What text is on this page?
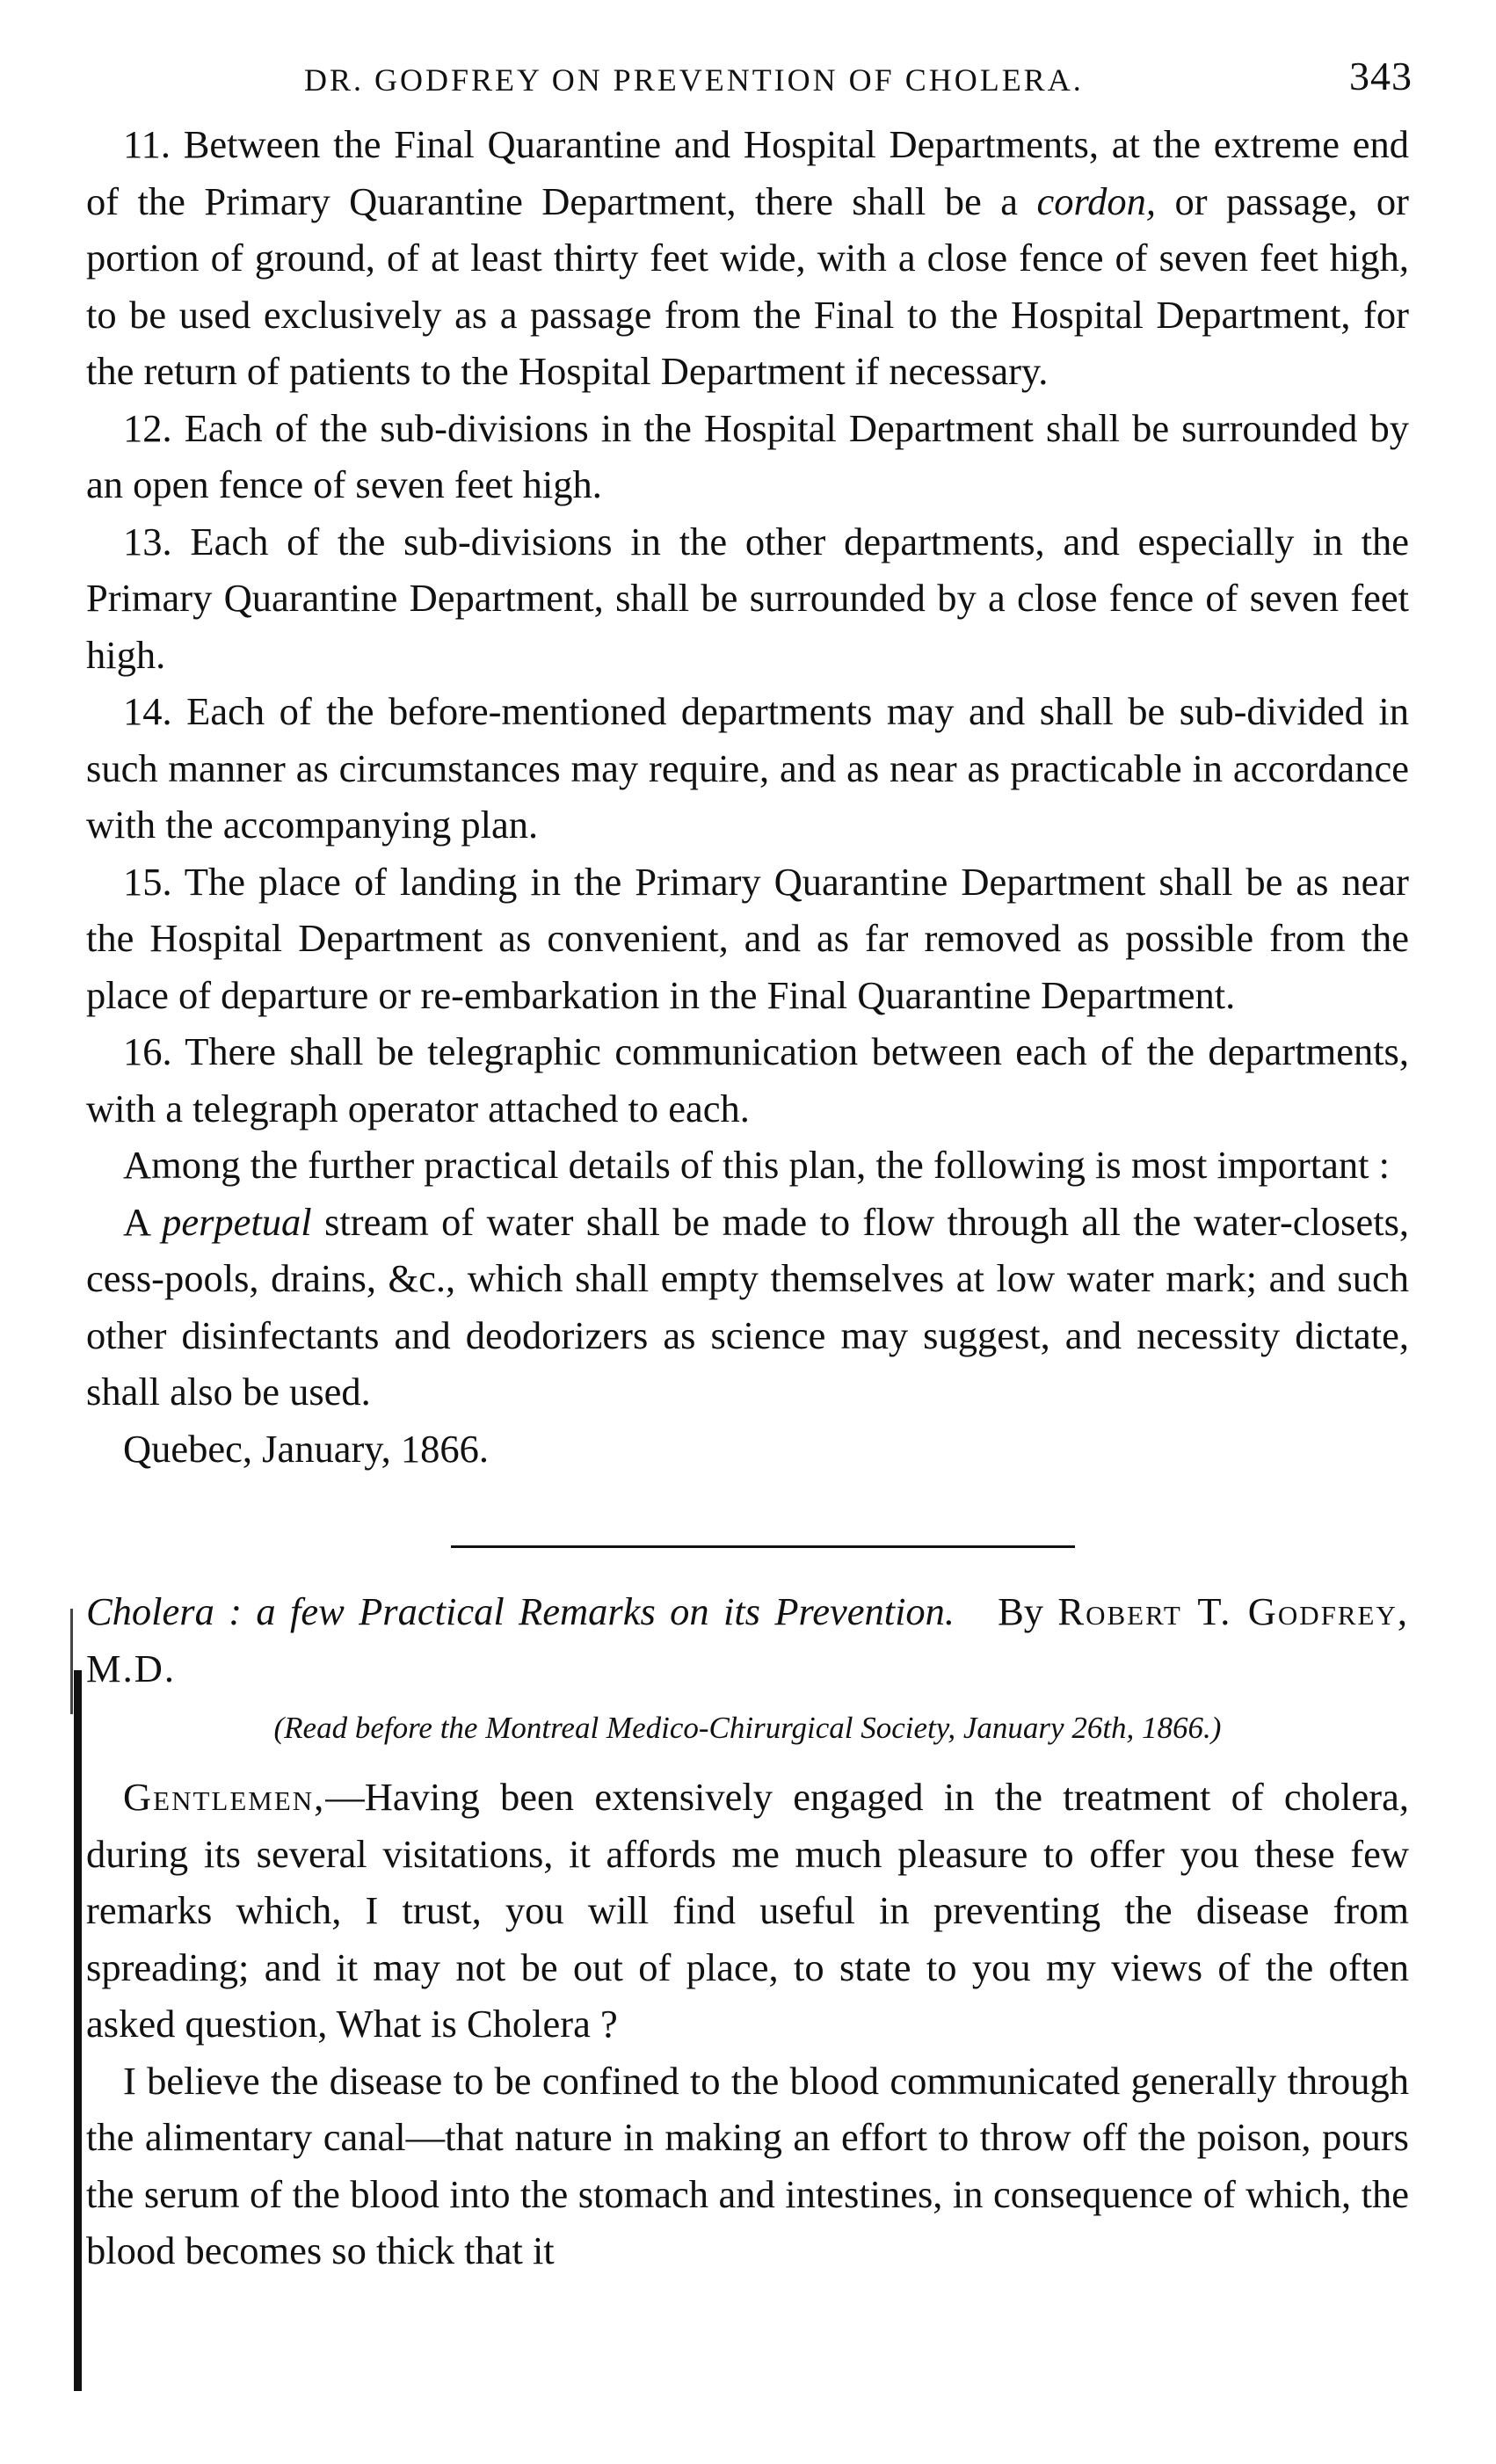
DR. GODFREY ON PREVENTION OF CHOLERA.	343

11. Between the Final Quarantine and Hospital Departments, at the extreme end of the Primary Quarantine Department, there shall be a cordon, or passage, or portion of ground, of at least thirty feet wide, with a close fence of seven feet high, to be used exclusively as a passage from the Final to the Hospital Department, for the return of patients to the Hospital Department if necessary.

12. Each of the sub-divisions in the Hospital Department shall be surrounded by an open fence of seven feet high.

13. Each of the sub-divisions in the other departments, and especially in the Primary Quarantine Department, shall be surrounded by a close fence of seven feet high.

14. Each of the before-mentioned departments may and shall be sub-divided in such manner as circumstances may require, and as near as practicable in accordance with the accompanying plan.

15. The place of landing in the Primary Quarantine Department shall be as near the Hospital Department as convenient, and as far removed as possible from the place of departure or re-embarkation in the Final Quarantine Department.

16. There shall be telegraphic communication between each of the departments, with a telegraph operator attached to each.

Among the further practical details of this plan, the following is most important :

A perpetual stream of water shall be made to flow through all the water-closets, cess-pools, drains, &c., which shall empty themselves at low water mark; and such other disinfectants and deodorizers as science may suggest, and necessity dictate, shall also be used.

Quebec, January, 1866.

Cholera : a few Practical Remarks on its Prevention. By Robert T. Godfrey, M.D.

(Read before the Montreal Medico-Chirurgical Society, January 26th, 1866.)

Gentlemen,—Having been extensively engaged in the treatment of cholera, during its several visitations, it affords me much pleasure to offer you these few remarks which, I trust, you will find useful in preventing the disease from spreading; and it may not be out of place, to state to you my views of the often asked question, What is Cholera ?

I believe the disease to be confined to the blood communicated generally through the alimentary canal—that nature in making an effort to throw off the poison, pours the serum of the blood into the stomach and intestines, in consequence of which, the blood becomes so thick that it
